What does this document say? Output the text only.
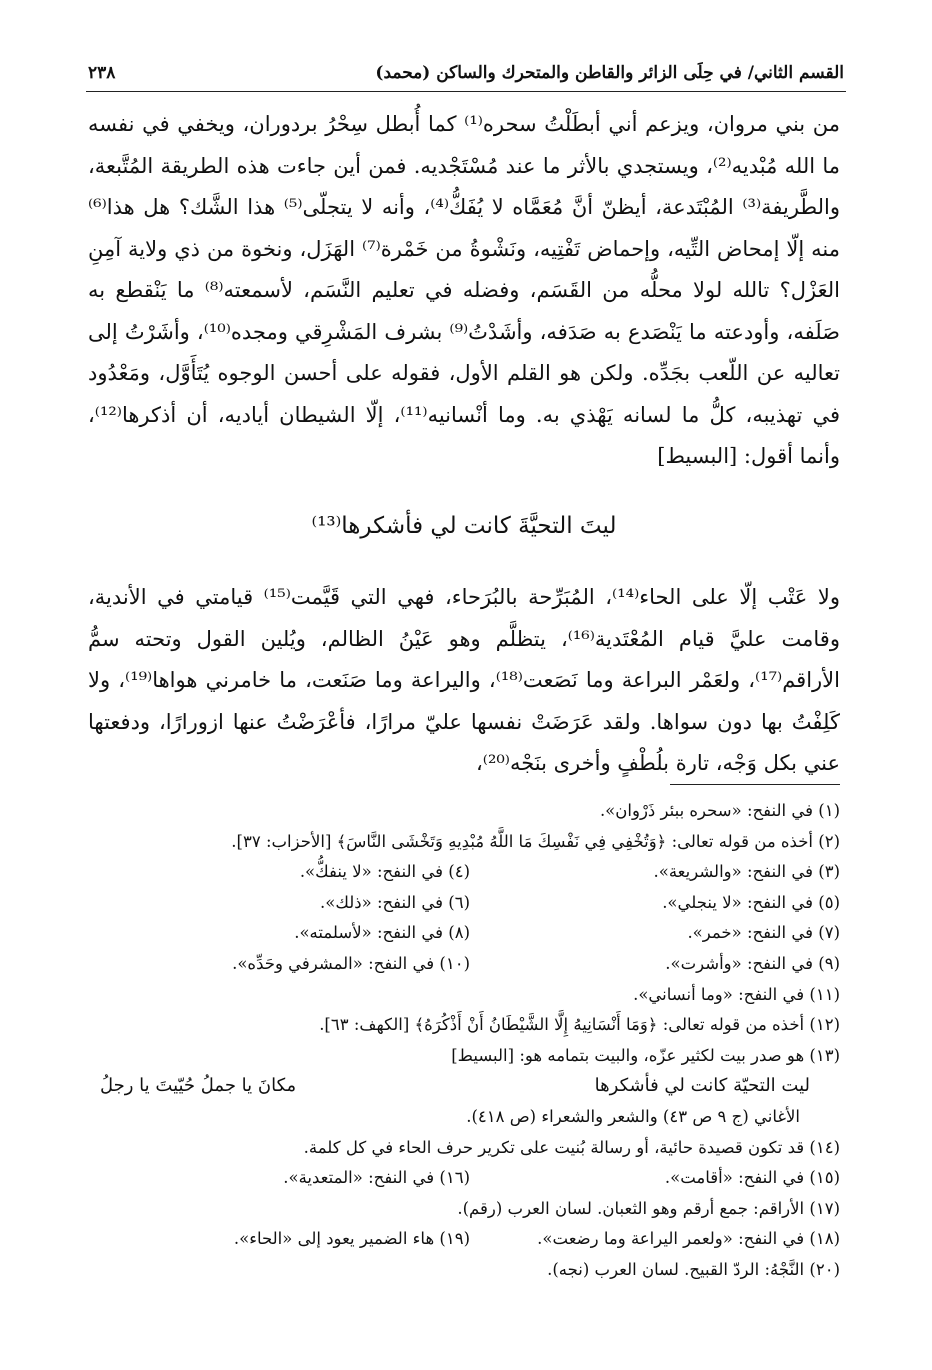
القسم الثاني/ في حِلَى الزائر والقاطن والمتحرك والساكن (محمد)
٢٣٨

من بني مروان، ويزعم أني أبطَلْتُ سحره⁽¹⁾ كما أُبطل سِحْرُ بردوران، ويخفي في نفسه ما الله مُبْديه⁽²⁾، ويستجدي بالأثر ما عند مُسْتَجْديه. فمن أين جاءت هذه الطريقة المُتَّبعة، والطَّريفة⁽³⁾ المُبْتَدعة، أيظنّ أنَّ مُعَمَّاه لا يُفَكُّ⁽⁴⁾، وأنه لا يتجلّى⁽⁵⁾ هذا الشَّك؟ هل هذا⁽⁶⁾ منه إلّا إمحاض التِّيه، وإحماض تَفْتِيه، ونَشْوةُ من خَمْرة⁽⁷⁾ الهَزَل، ونخوة من ذي ولاية آمِنِ العَزْل؟ تالله لولا محلُّه من القَسَم، وفضله في تعليم النَّسَم، لأسمعته⁽⁸⁾ ما يَنْقطع به صَلَفه، وأودعته ما يَنْصَدع به صَدَفه، وأشَدْتُ⁽⁹⁾ بشرف المَشْرِقي ومجده⁽¹⁰⁾، وأشَرْتُ إلى تعاليه عن اللّعب بجَدِّه. ولكن هو القلم الأول، فقوله على أحسن الوجوه يُتَأَوَّل، ومَعْدُود في تهذيبه، كلُّ ما لسانه يَهْذي به. وما أنْسانيه⁽¹¹⁾، إلّا الشيطان أياديه، أن أذكرها⁽¹²⁾، وأنما أقول: [البسيط]

ليتَ التحيَّةَ كانت لي فأشكرها⁽¹³⁾

ولا عَتْب إلّا على الحاء⁽¹⁴⁾، المُبَرِّحة بالبُرَحاء، فهي التي قَيَّمت⁽¹⁵⁾ قيامتي في الأندية، وقامت عليَّ قيام المُعْتَدية⁽¹⁶⁾، يتظلَّم وهو عَيْنُ الظالم، ويُلين القول وتحته سمُّ الأراقم⁽¹⁷⁾، ولعَمْر البراعة وما نَصَعت⁽¹⁸⁾، واليراعة وما صَنَعت، ما خامرني هواها⁽¹⁹⁾، ولا كَلِفْتُ بها دون سواها. ولقد عَرَضَتْ نفسها عليّ مرارًا، فأعْرَضْتُ عنها ازورارًا، ودفعتها عني بكل وَجْه، تارة بلُطْفٍ وأخرى بنَجْه⁽²⁰⁾،

(١) في النفح: «سحره ببئر ذَرْوان».
(٢) أخذه من قوله تعالى: ﴿وَتُخْفِي فِي نَفْسِكَ مَا اللَّهُ مُبْدِيهِ وَتَخْشَى النَّاسَ﴾ [الأحزاب: ٣٧].
(٣) في النفح: «والشريعة».
(٤) في النفح: «لا ينفكُّ».
(٥) في النفح: «لا ينجلي».
(٦) في النفح: «ذلك».
(٧) في النفح: «خمر».
(٨) في النفح: «لأسلمته».
(٩) في النفح: «وأشرت».
(١٠) في النفح: «المشرفي وحَدِّه».
(١١) في النفح: «وما أنساني».
(١٢) أخذه من قوله تعالى: ﴿وَمَا أَنْسَانِيهُ إِلَّا الشَّيْطَانُ أَنْ أَذْكُرَهُ﴾ [الكهف: ٦٣].
(١٣) هو صدر بيت لكثير عزّه، والبيت بتمامه هو: [البسيط]
ليت التحيّة كانت لي فأشكرها
مكانَ يا جملُ حُيّيتَ يا رجلُ
الأغاني (ج ٩ ص ٤٣) والشعر والشعراء (ص ٤١٨).
(١٤) قد تكون قصيدة حائية، أو رسالة بُنيت على تكرير حرف الحاء في كل كلمة.
(١٥) في النفح: «أقامت».
(١٦) في النفح: «المتعدية».
(١٧) الأراقم: جمع أرقم وهو الثعبان. لسان العرب (رقم).
(١٨) في النفح: «ولعمر اليراعة وما رضعت».
(١٩) هاء الضمير يعود إلى «الحاء».
(٢٠) النَّجْهُ: الردّ القبيح. لسان العرب (نجه).
